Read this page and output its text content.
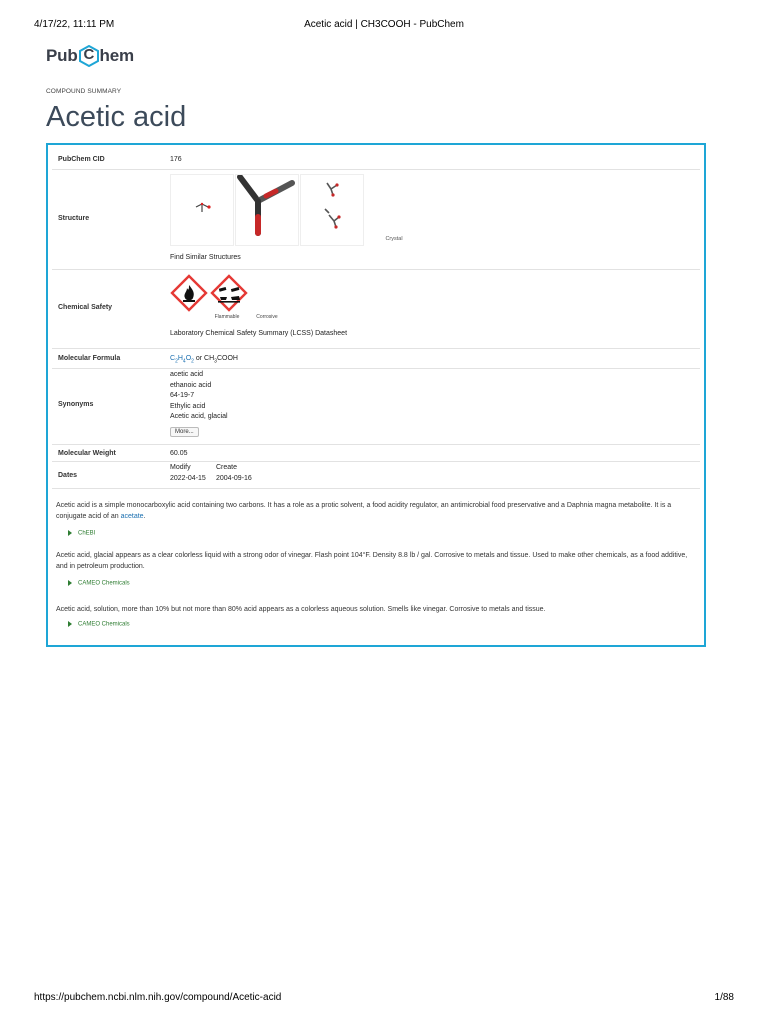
4/17/22, 11:11 PM	Acetic acid | CH3COOH - PubChem
Pub C hem
COMPOUND SUMMARY
Acetic acid
PubChem CID	176
Structure
Crystal
Find Similar Structures
Chemical Safety
Flammable	Corrosive
Laboratory Chemical Safety Summary (LCSS) Datasheet
Molecular Formula	$C_2H_4O_2$ or $CH_3COOH$
Synonyms
acetic acid
ethanoic acid
64-19-7
Ethylic acid
Acetic acid, glacial
More...
Molecular Weight	60.05
Dates
Modify	Create
2022-04-15 2004-09-16
Acetic acid is a simple monocarboxylic acid containing two carbons. It has a role as a protic solvent, a food acidity regulator, an antimicrobial food preservative and a Daphnia magna metabolite. It is a conjugate acid of an acetate.
ChEBI
Acetic acid, glacial appears as a clear colorless liquid with a strong odor of vinegar. Flash point 104°F. Density 8.8 lb / gal. Corrosive to metals and tissue. Used to make other chemicals, as a food additive, and in petroleum production.
CAMEO Chemicals
Acetic acid, solution, more than 10% but not more than 80% acid appears as a colorless aqueous solution. Smells like vinegar. Corrosive to metals and tissue.
CAMEO Chemicals
https://pubchem.ncbi.nlm.nih.gov/compound/Acetic-acid	1/88
